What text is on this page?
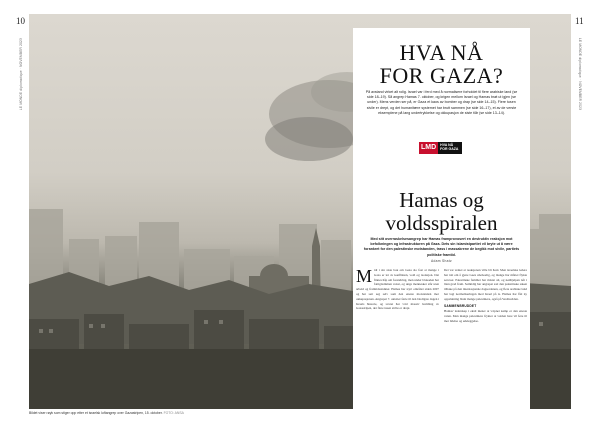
10	11
LE MONDE diplomatique · NOVEMBER 2023	LE MONDE diplomatique · NOVEMBER 2023
HVA NÅ
FOR GAZA?
På avstand virket alt rolig. Israel var i ferd med å normalisere forholdet til flere arabiske land (se side 18–19). Så angrep Hamas 7. oktober, og krigen mellom Israel og Hamas brøt ut igjen (se under). Mens verden ser på, er Gaza et kaos av bomber og drap (se side 14–15). Flere tusen sivile er drept, og det humanitære systemet har brutt sammen (se side 16–17), et av de verste eksemplene på lang undertrykkelse og okkupasjon de siste tiår (se side 13–14).
LMD	HVA NÅ FOR GAZA
Hamas og
voldsspiralen
Med sitt overraskelsesangrep har Hamas framprovosert en destruktiv reaksjon mot befolkningen og infrastrukturen på Gaza. Dets sin islamistpartiet vil bryte ut å være forankret for den palestinske motstanden, trass i massakrene de begikk mot sivile, partiets politiske framtid.
Adam Shatz
M idt i sin siste bok om Gaza slo fast at mange i Gaza er lei av konflikten, vold og isolasjon. Det finnes håp om forandring, men under blokaden har fattigdommen vokst, og unge mennesker står uten arbeid og framtidsutsikter. Hamas har styrt området siden 2007 og har sett seg selv som den eneste motstanden mot okkupasjonen. Angrepet 7. oktober førte til den blodigste dagen i Israels historie, og svaret har vært massiv bombing av Gazastripen, der flere tusen sivile er drept.

Det var ventet at reaksjonen ville bli hard. Men israelske ledere har talt om å gjøre Gaza ubeboelig, og mange har måttet flykte sørover. Palestinske familier har mistet alt, og nødhjelpen når i liten grad fram. Samtidig har angrepet satt den palestinske saken tilbake på den internasjonale dagsordenen, og flere arabiske land har lagt normaliseringen med Israel på is. Hamas har fått ny oppslutning blant mange palestinere, også på Vestbredden.

SAMMENBRUDDET

Hamas' lederskap i eksil mener at væpnet kamp er den eneste veien. Men mange palestinere frykter at volden bare vil føre til mer lidelse og ødeleggelse.

Bildet viser røyk som stiger opp etter et israelsk luftangrep over Gazastripen, 15. oktober. FOTO: ANSA
